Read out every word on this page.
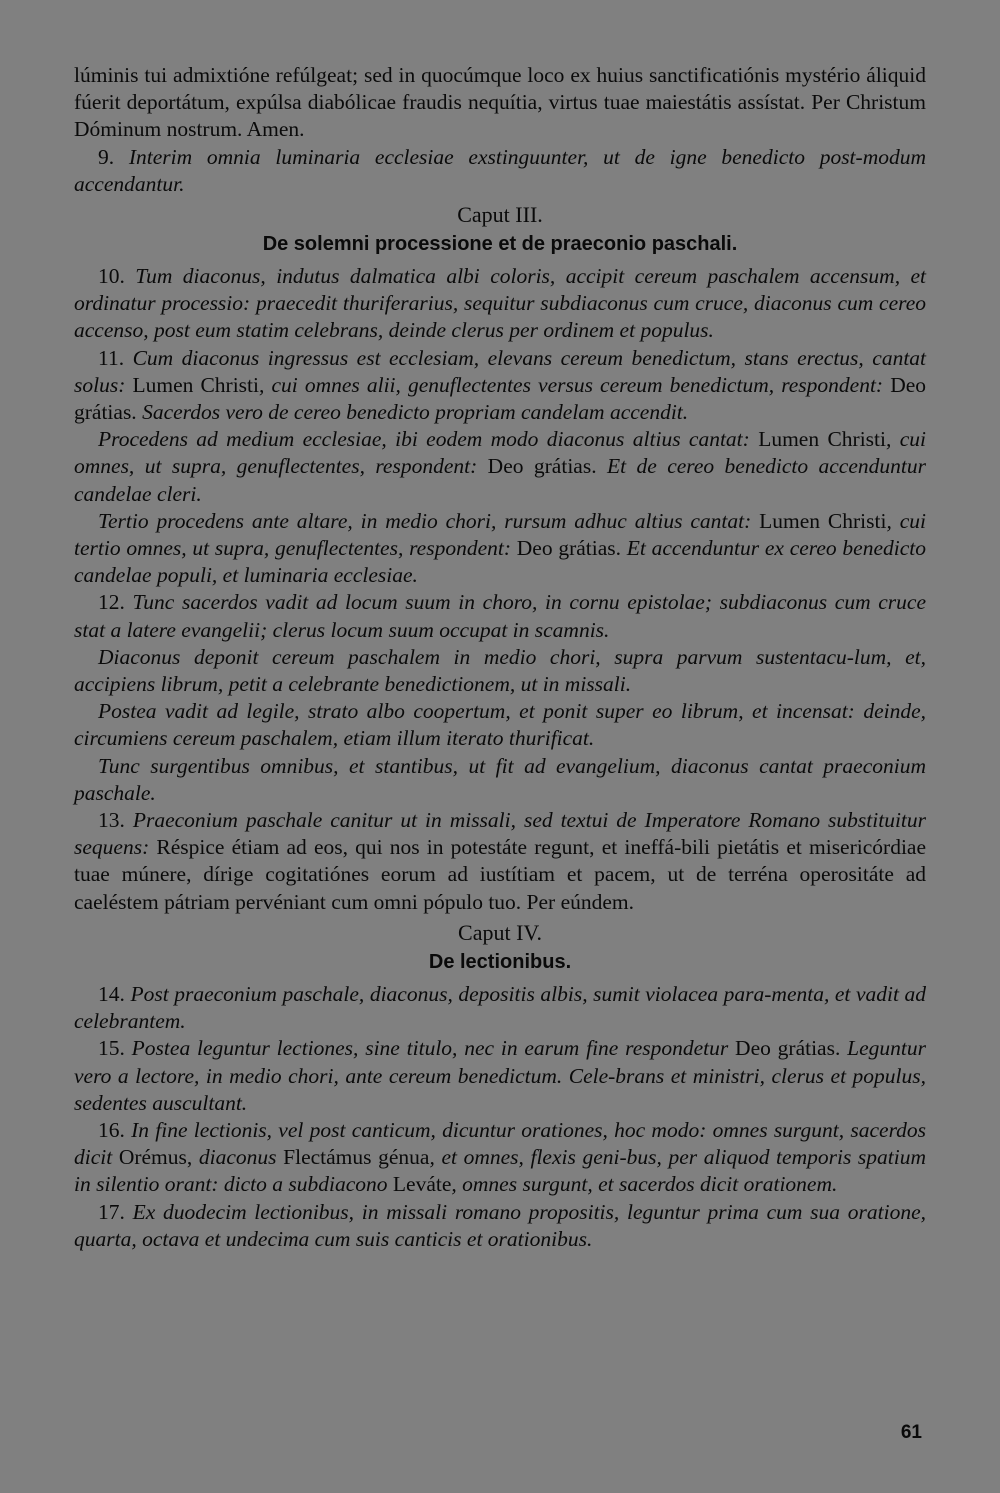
lúminis tui admixtióne refúlgeat; sed in quocúmque loco ex huius sanctificatiónis mystério áliquid fúerit deportátum, expúlsa diabólicae fraudis nequítia, virtus tuae maiestátis assístat. Per Christum Dóminum nostrum. Amen.

9. Interim omnia luminaria ecclesiae exstinguunter, ut de igne benedicto post-modum accendantur.

Caput III.
De solemni processione et de praeconio paschali.

10. Tum diaconus, indutus dalmatica albi coloris, accipit cereum paschalem accensum, et ordinatur processio: praecedit thuriferarius, sequitur subdiaconus cum cruce, diaconus cum cereo accenso, post eum statim celebrans, deinde clerus per ordinem et populus.

11. Cum diaconus ingressus est ecclesiam, elevans cereum benedictum, stans erectus, cantat solus: Lumen Christi, cui omnes alii, genuflectentes versus cereum benedictum, respondent: Deo grátias. Sacerdos vero de cereo benedicto propriam candelam accendit.

Procedens ad medium ecclesiae, ibi eodem modo diaconus altius cantat: Lumen Christi, cui omnes, ut supra, genuflectentes, respondent: Deo grátias. Et de cereo benedicto accenduntur candelae cleri.

Tertio procedens ante altare, in medio chori, rursum adhuc altius cantat: Lumen Christi, cui tertio omnes, ut supra, genuflectentes, respondent: Deo grátias. Et accenduntur ex cereo benedicto candelae populi, et luminaria ecclesiae.

12. Tunc sacerdos vadit ad locum suum in choro, in cornu epistolae; subdiaconus cum cruce stat a latere evangelii; clerus locum suum occupat in scamnis.

Diaconus deponit cereum paschalem in medio chori, supra parvum sustentacu-lum, et, accipiens librum, petit a celebrante benedictionem, ut in missali.

Postea vadit ad legile, strato albo coopertum, et ponit super eo librum, et incensat: deinde, circumiens cereum paschalem, etiam illum iterato thurificat.

Tunc surgentibus omnibus, et stantibus, ut fit ad evangelium, diaconus cantat praeconium paschale.

13. Praeconium paschale canitur ut in missali, sed textui de Imperatore Romano substituitur sequens: Réspice étiam ad eos, qui nos in potestáte regunt, et ineffá-bili pietátis et misericórdiae tuae múnere, dírige cogitatiónes eorum ad iustítiam et pacem, ut de terréna operositáte ad caeléstem pátriam pervéniant cum omni pópulo tuo. Per eúndem.

Caput IV.
De lectionibus.

14. Post praeconium paschale, diaconus, depositis albis, sumit violacea para-menta, et vadit ad celebrantem.

15. Postea leguntur lectiones, sine titulo, nec in earum fine respondetur Deo grátias. Leguntur vero a lectore, in medio chori, ante cereum benedictum. Cele-brans et ministri, clerus et populus, sedentes auscultant.

16. In fine lectionis, vel post canticum, dicuntur orationes, hoc modo: omnes surgunt, sacerdos dicit Orémus, diaconus Flectámus génua, et omnes, flexis geni-bus, per aliquod temporis spatium in silentio orant: dicto a subdiacono Leváte, omnes surgunt, et sacerdos dicit orationem.

17. Ex duodecim lectionibus, in missali romano propositis, leguntur prima cum sua oratione, quarta, octava et undecima cum suis canticis et orationibus.

61
